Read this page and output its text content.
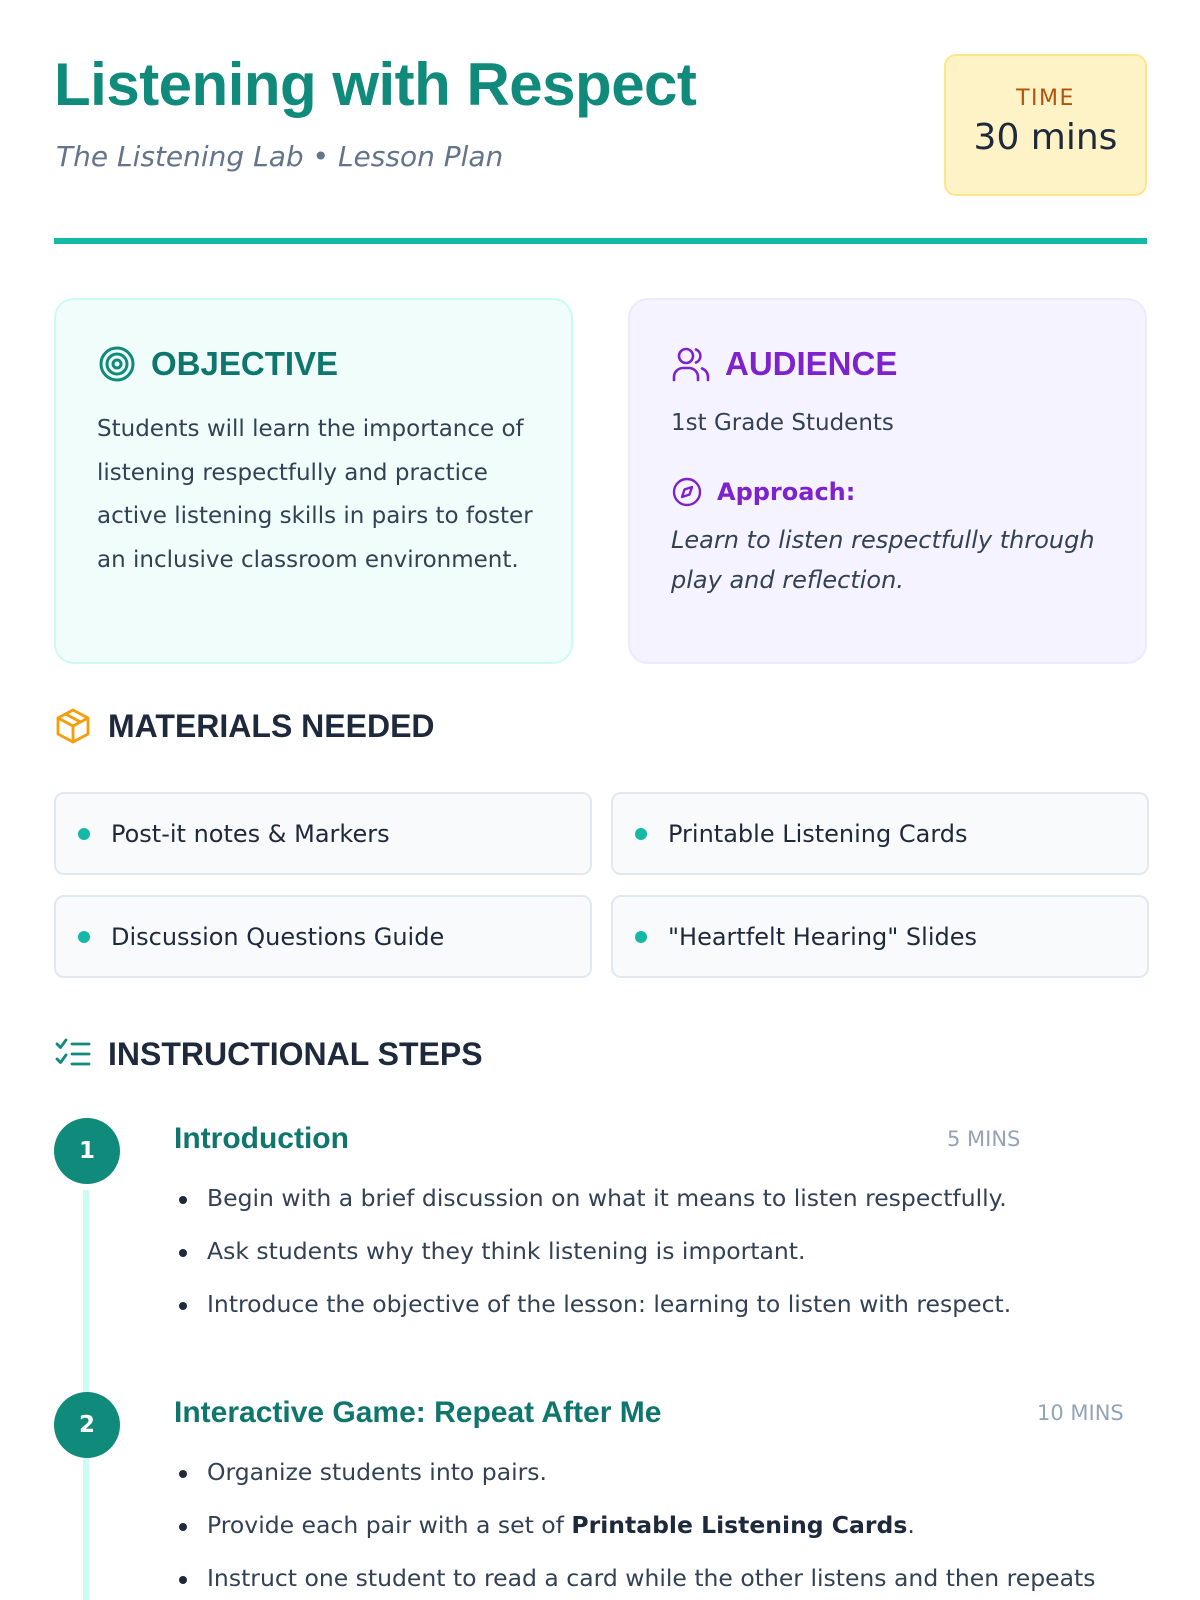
Listening with Respect
The Listening Lab • Lesson Plan
TIME
30 mins
OBJECTIVE
Students will learn the importance of listening respectfully and practice active listening skills in pairs to foster an inclusive classroom environment.
AUDIENCE
1st Grade Students
Approach:
Learn to listen respectfully through play and reflection.
MATERIALS NEEDED
Post-it notes & Markers	Printable Listening Cards
Discussion Questions Guide	"Heartfelt Hearing" Slides
INSTRUCTIONAL STEPS
1	Introduction	5 MINS
Begin with a brief discussion on what it means to listen respectfully.
Ask students why they think listening is important.
Introduce the objective of the lesson: learning to listen with respect.
2	Interactive Game: Repeat After Me	10 MINS
Organize students into pairs.
Provide each pair with a set of Printable Listening Cards.
Instruct one student to read a card while the other listens and then repeats
